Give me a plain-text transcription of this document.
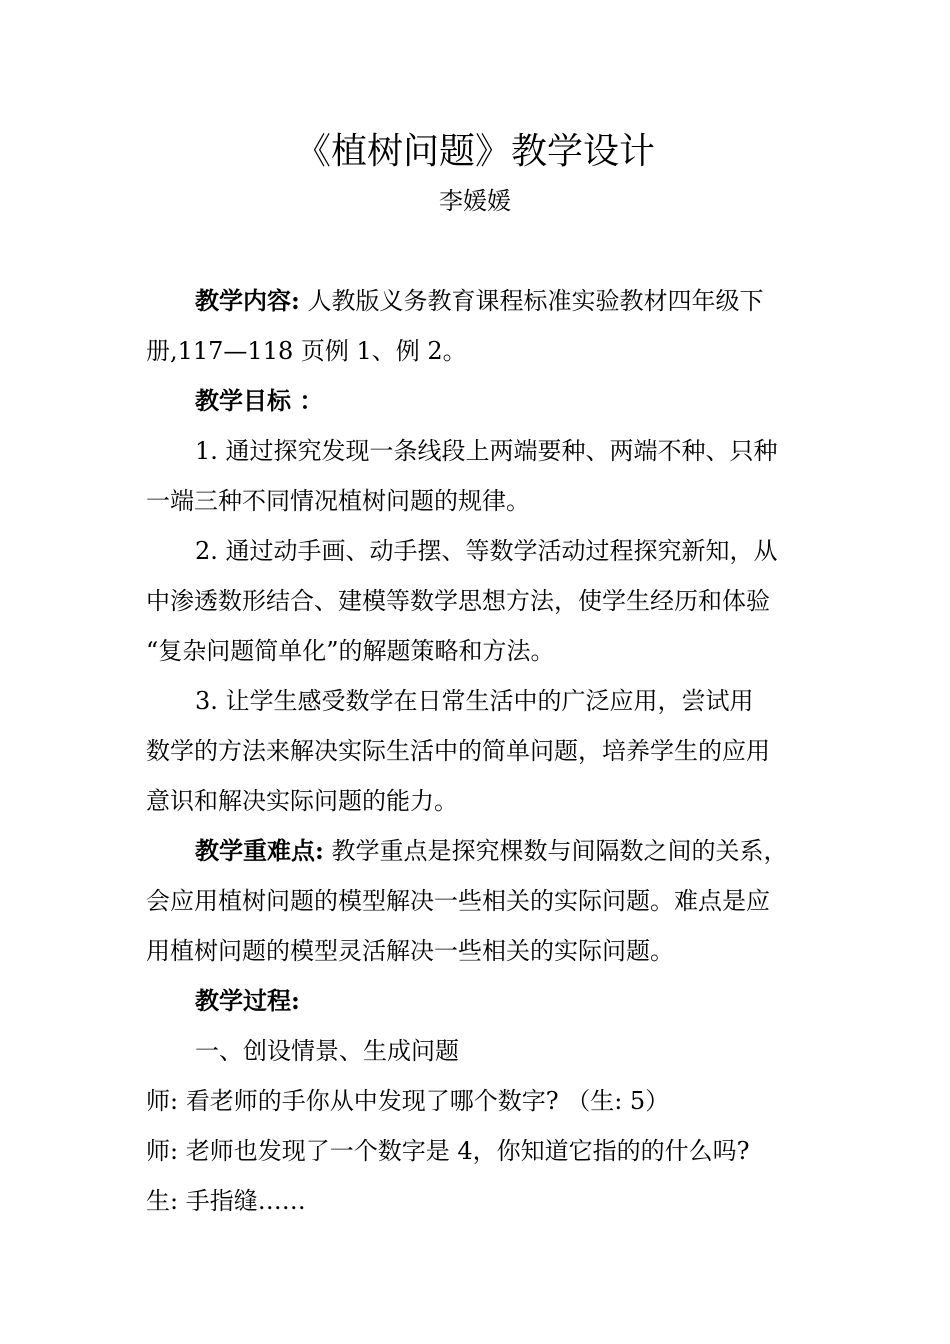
《植树问题》教学设计
李媛媛
教学内容: 人教版义务教育课程标准实验教材四年级下
册,117—118 页例 1、例 2。
教学目标 ：
1. 通过探究发现一条线段上两端要种、两端不种、只种
一端三种不同情况植树问题的规律。
2. 通过动手画、动手摆、等数学活动过程探究新知，从
中渗透数形结合、建模等数学思想方法，使学生经历和体验
“复杂问题简单化”的解题策略和方法。
3. 让学生感受数学在日常生活中的广泛应用，尝试用
数学的方法来解决实际生活中的简单问题，培养学生的应用
意识和解决实际问题的能力。
教学重难点: 教学重点是探究棵数与间隔数之间的关系，
会应用植树问题的模型解决一些相关的实际问题。难点是应
用植树问题的模型灵活解决一些相关的实际问题。
教学过程:
一、创设情景、生成问题
师: 看老师的手你从中发现了哪个数字? （生: 5）
师: 老师也发现了一个数字是 4，你知道它指的的什么吗?
生: 手指缝……
